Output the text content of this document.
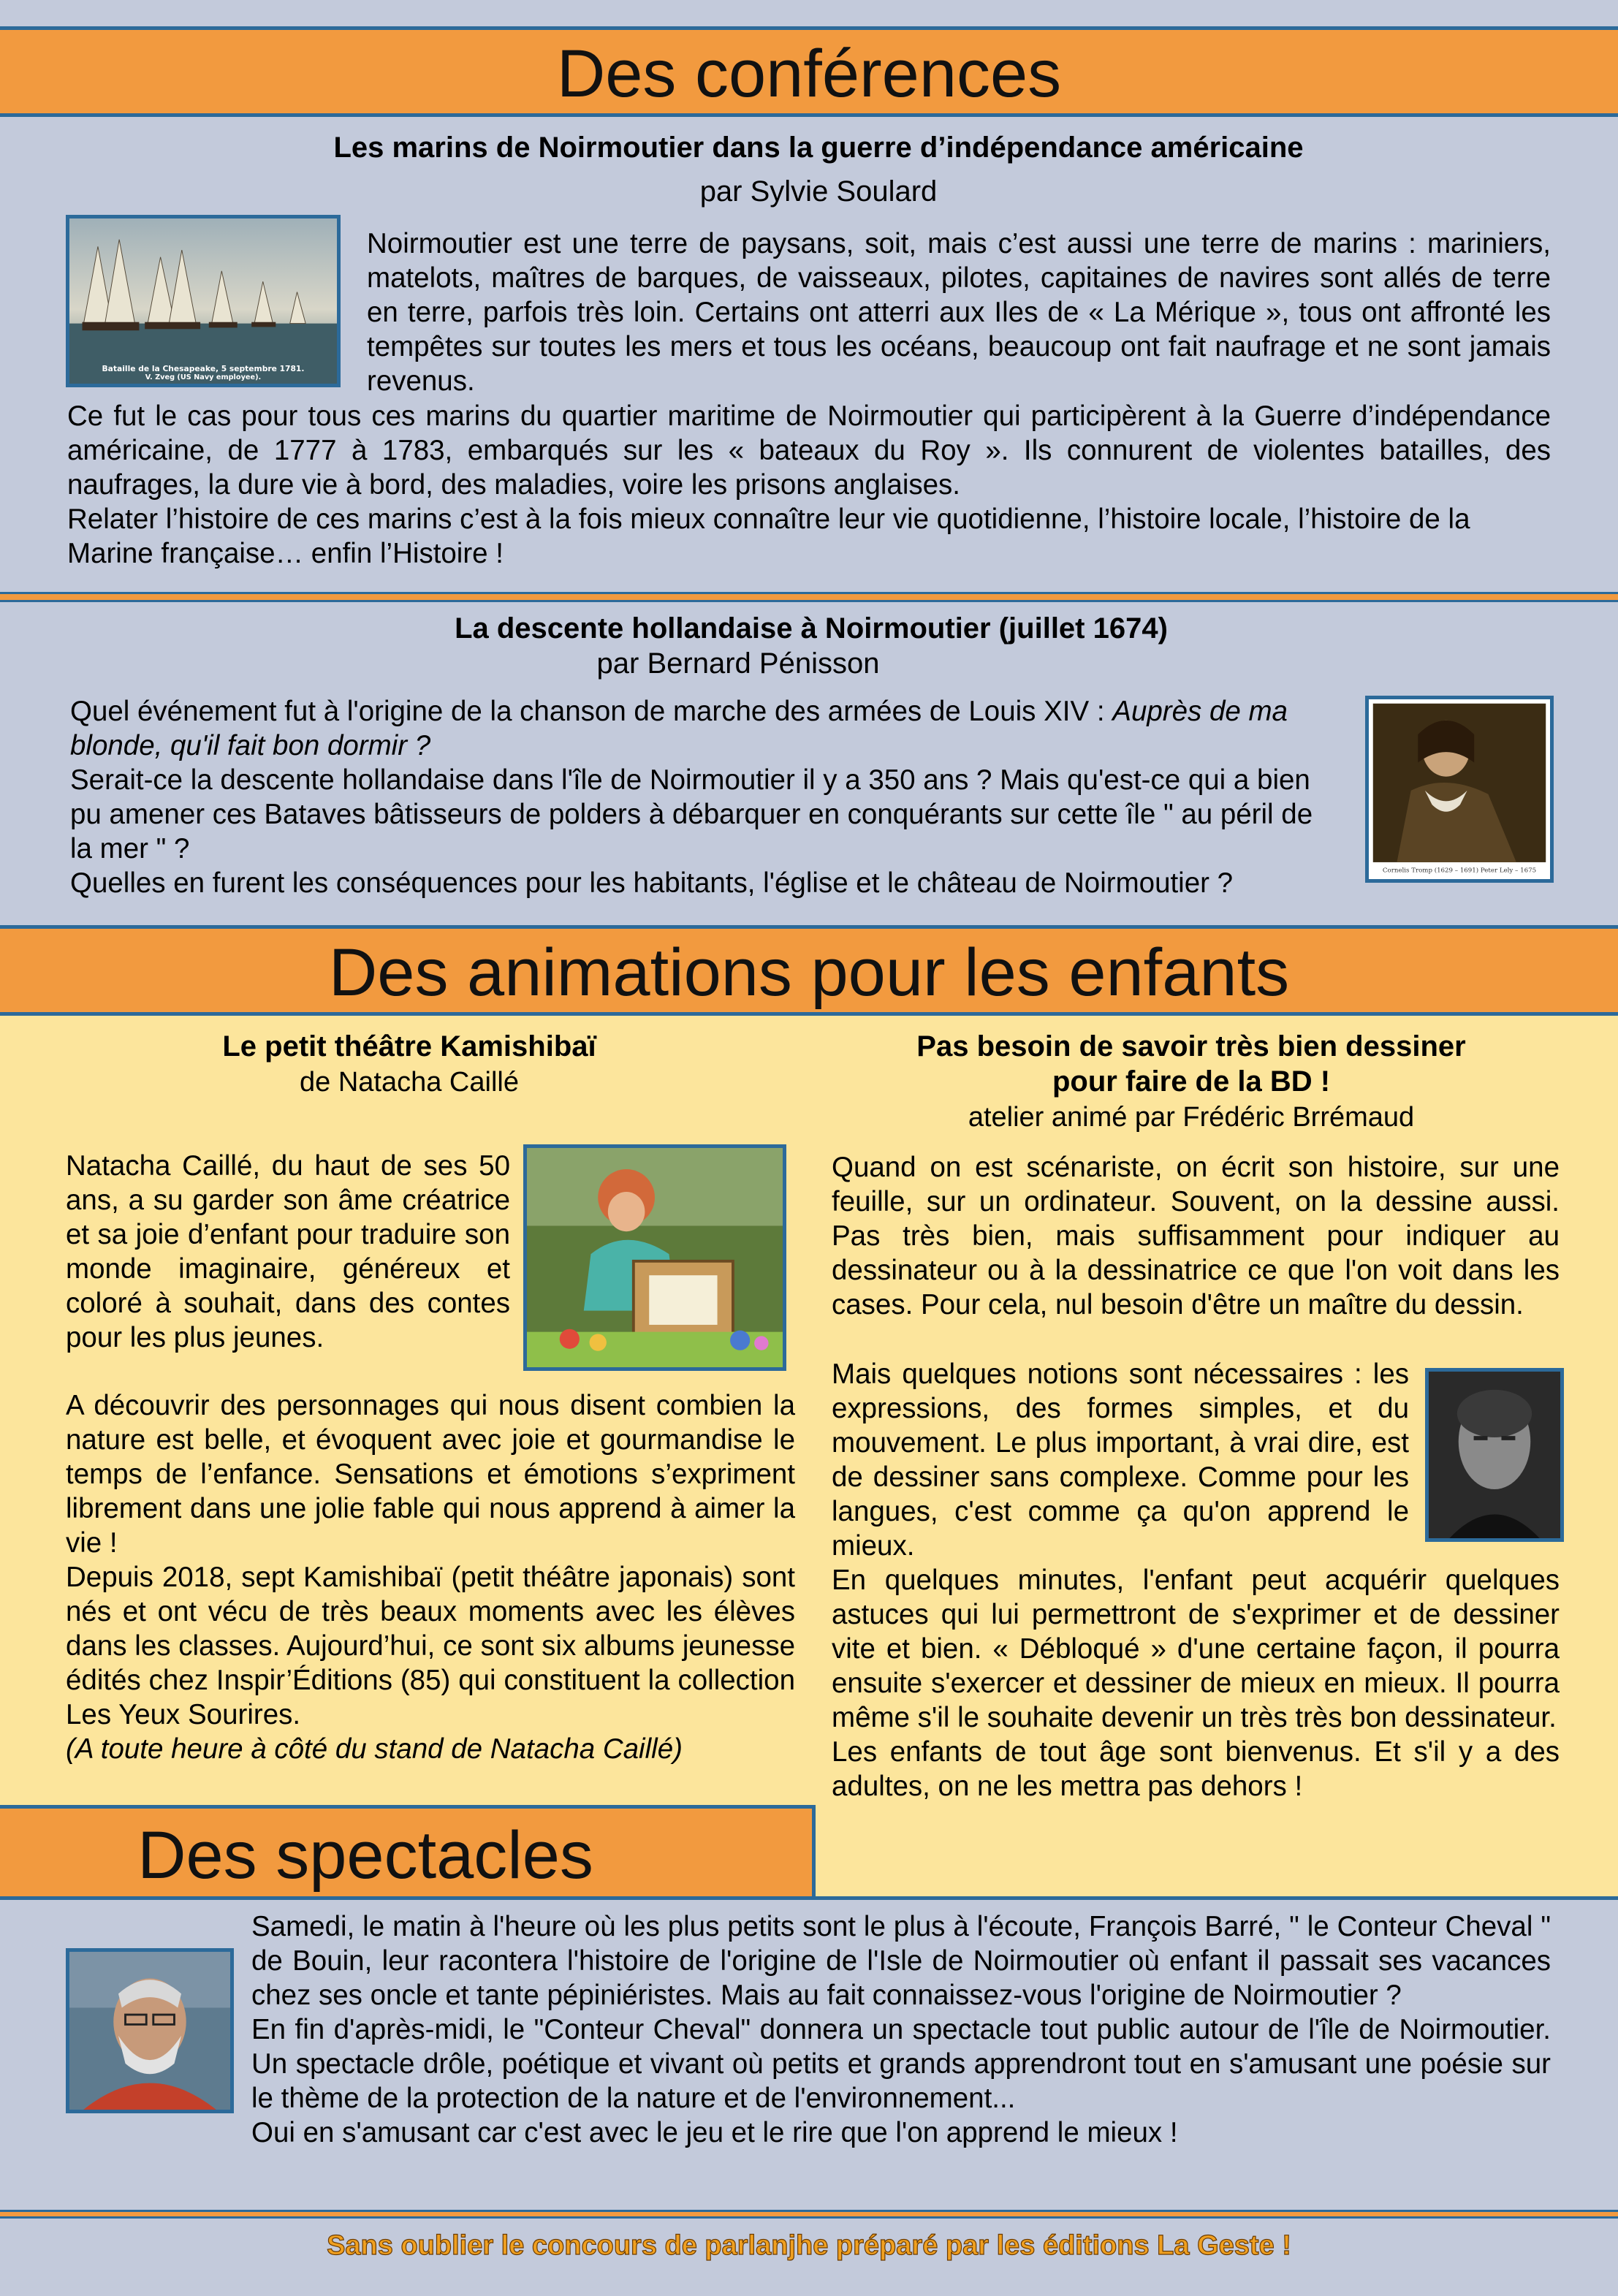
Des conférences
Les marins de Noirmoutier dans la guerre d’indépendance américaine
par Sylvie Soulard
Bataille de la Chesapeake, 5 septembre 1781.
V. Zveg (US Navy employee).

Noirmoutier est une terre de paysans, soit, mais c’est aussi une terre de marins : mariniers, matelots, maîtres de barques, de vaisseaux, pilotes, capitaines de navires sont allés de terre en terre, parfois très loin. Certains ont atterri aux Iles de « La Mérique », tous ont affronté les tempêtes sur toutes les mers et tous les océans, beaucoup ont fait naufrage et ne sont jamais revenus.

Ce fut le cas pour tous ces marins du quartier maritime de Noirmoutier qui participèrent à la Guerre d’indépendance américaine, de 1777 à 1783, embarqués sur les « bateaux du Roy ». Ils connurent de violentes batailles, des naufrages, la dure vie à bord, des maladies, voire les prisons anglaises.

Relater l’histoire de ces marins c’est à la fois mieux connaître leur vie quotidienne, l’histoire locale, l’histoire de la Marine française… enfin l’Histoire !

La descente hollandaise à Noirmoutier (juillet 1674)
par Bernard Pénisson

Quel événement fut à l'origine de la chanson de marche des armées de Louis XIV : Auprès de ma blonde, qu'il fait bon dormir ?

Serait-ce la descente hollandaise dans l'île de Noirmoutier il y a 350 ans ? Mais qu'est-ce qui a bien pu amener ces Bataves bâtisseurs de polders à débarquer en conquérants sur cette île " au péril de la mer " ?

Quelles en furent les conséquences pour les habitants, l'église et le château de Noirmoutier ?	Cornelis Tromp (1629 – 1691) Peter Lely – 1675
Des animations pour les enfants
Le petit théâtre Kamishibaï
de Natacha Caillé

Natacha Caillé, du haut de ses 50 ans, a su garder son âme créatrice et sa joie d’enfant pour traduire son monde imaginaire, généreux et coloré à souhait, dans des contes pour les plus jeunes.

A découvrir des personnages qui nous disent combien la nature est belle, et évoquent avec joie et gourmandise le temps de l’enfance. Sensations et émotions s’expriment librement dans une jolie fable qui nous apprend à aimer la vie !

Depuis 2018, sept Kamishibaï (petit théâtre japonais) sont nés et ont vécu de très beaux moments avec les élèves dans les classes. Aujourd’hui, ce sont six albums jeunesse édités chez Inspir’Éditions (85) qui constituent la collection Les Yeux Sourires.

(A toute heure à côté du stand de Natacha Caillé)

Pas besoin de savoir très bien dessiner
pour faire de la BD !
atelier animé par Frédéric Brrémaud

Quand on est scénariste, on écrit son histoire, sur une feuille, sur un ordinateur. Souvent, on la dessine aussi. Pas très bien, mais suffisamment pour indiquer au dessinateur ou à la dessinatrice ce que l'on voit dans les cases. Pour cela, nul besoin d'être un maître du dessin.

Mais quelques notions sont nécessaires : les expressions, des formes simples, et du mouvement. Le plus important, à vrai dire, est de dessiner sans complexe. Comme pour les langues, c'est comme ça qu'on apprend le mieux.

En quelques minutes, l'enfant peut acquérir quelques astuces qui lui permettront de s'exprimer et de dessiner vite et bien. « Débloqué » d'une certaine façon, il pourra ensuite s'exercer et dessiner de mieux en mieux. Il pourra même s'il le souhaite devenir un très très bon dessinateur.

Les enfants de tout âge sont bienvenus. Et s'il y a des adultes, on ne les mettra pas dehors !

Des spectacles

Samedi, le matin à l'heure où les plus petits sont le plus à l'écoute, François Barré, " le Conteur Cheval " de Bouin, leur racontera l'histoire de l'origine de l'Isle de Noirmoutier où enfant il passait ses vacances chez ses oncle et tante pépiniéristes. Mais au fait connaissez-vous l'origine de Noirmoutier ?

En fin d'après-midi, le "Conteur Cheval" donnera un spectacle tout public autour de l'île de Noirmoutier. Un spectacle drôle, poétique et vivant où petits et grands apprendront tout en s'amusant une poésie sur le thème de la protection de la nature et de l'environnement...

Oui en s'amusant car c'est avec le jeu et le rire que l'on apprend le mieux !

Sans oublier le concours de parlanjhe préparé par les éditions La Geste !
